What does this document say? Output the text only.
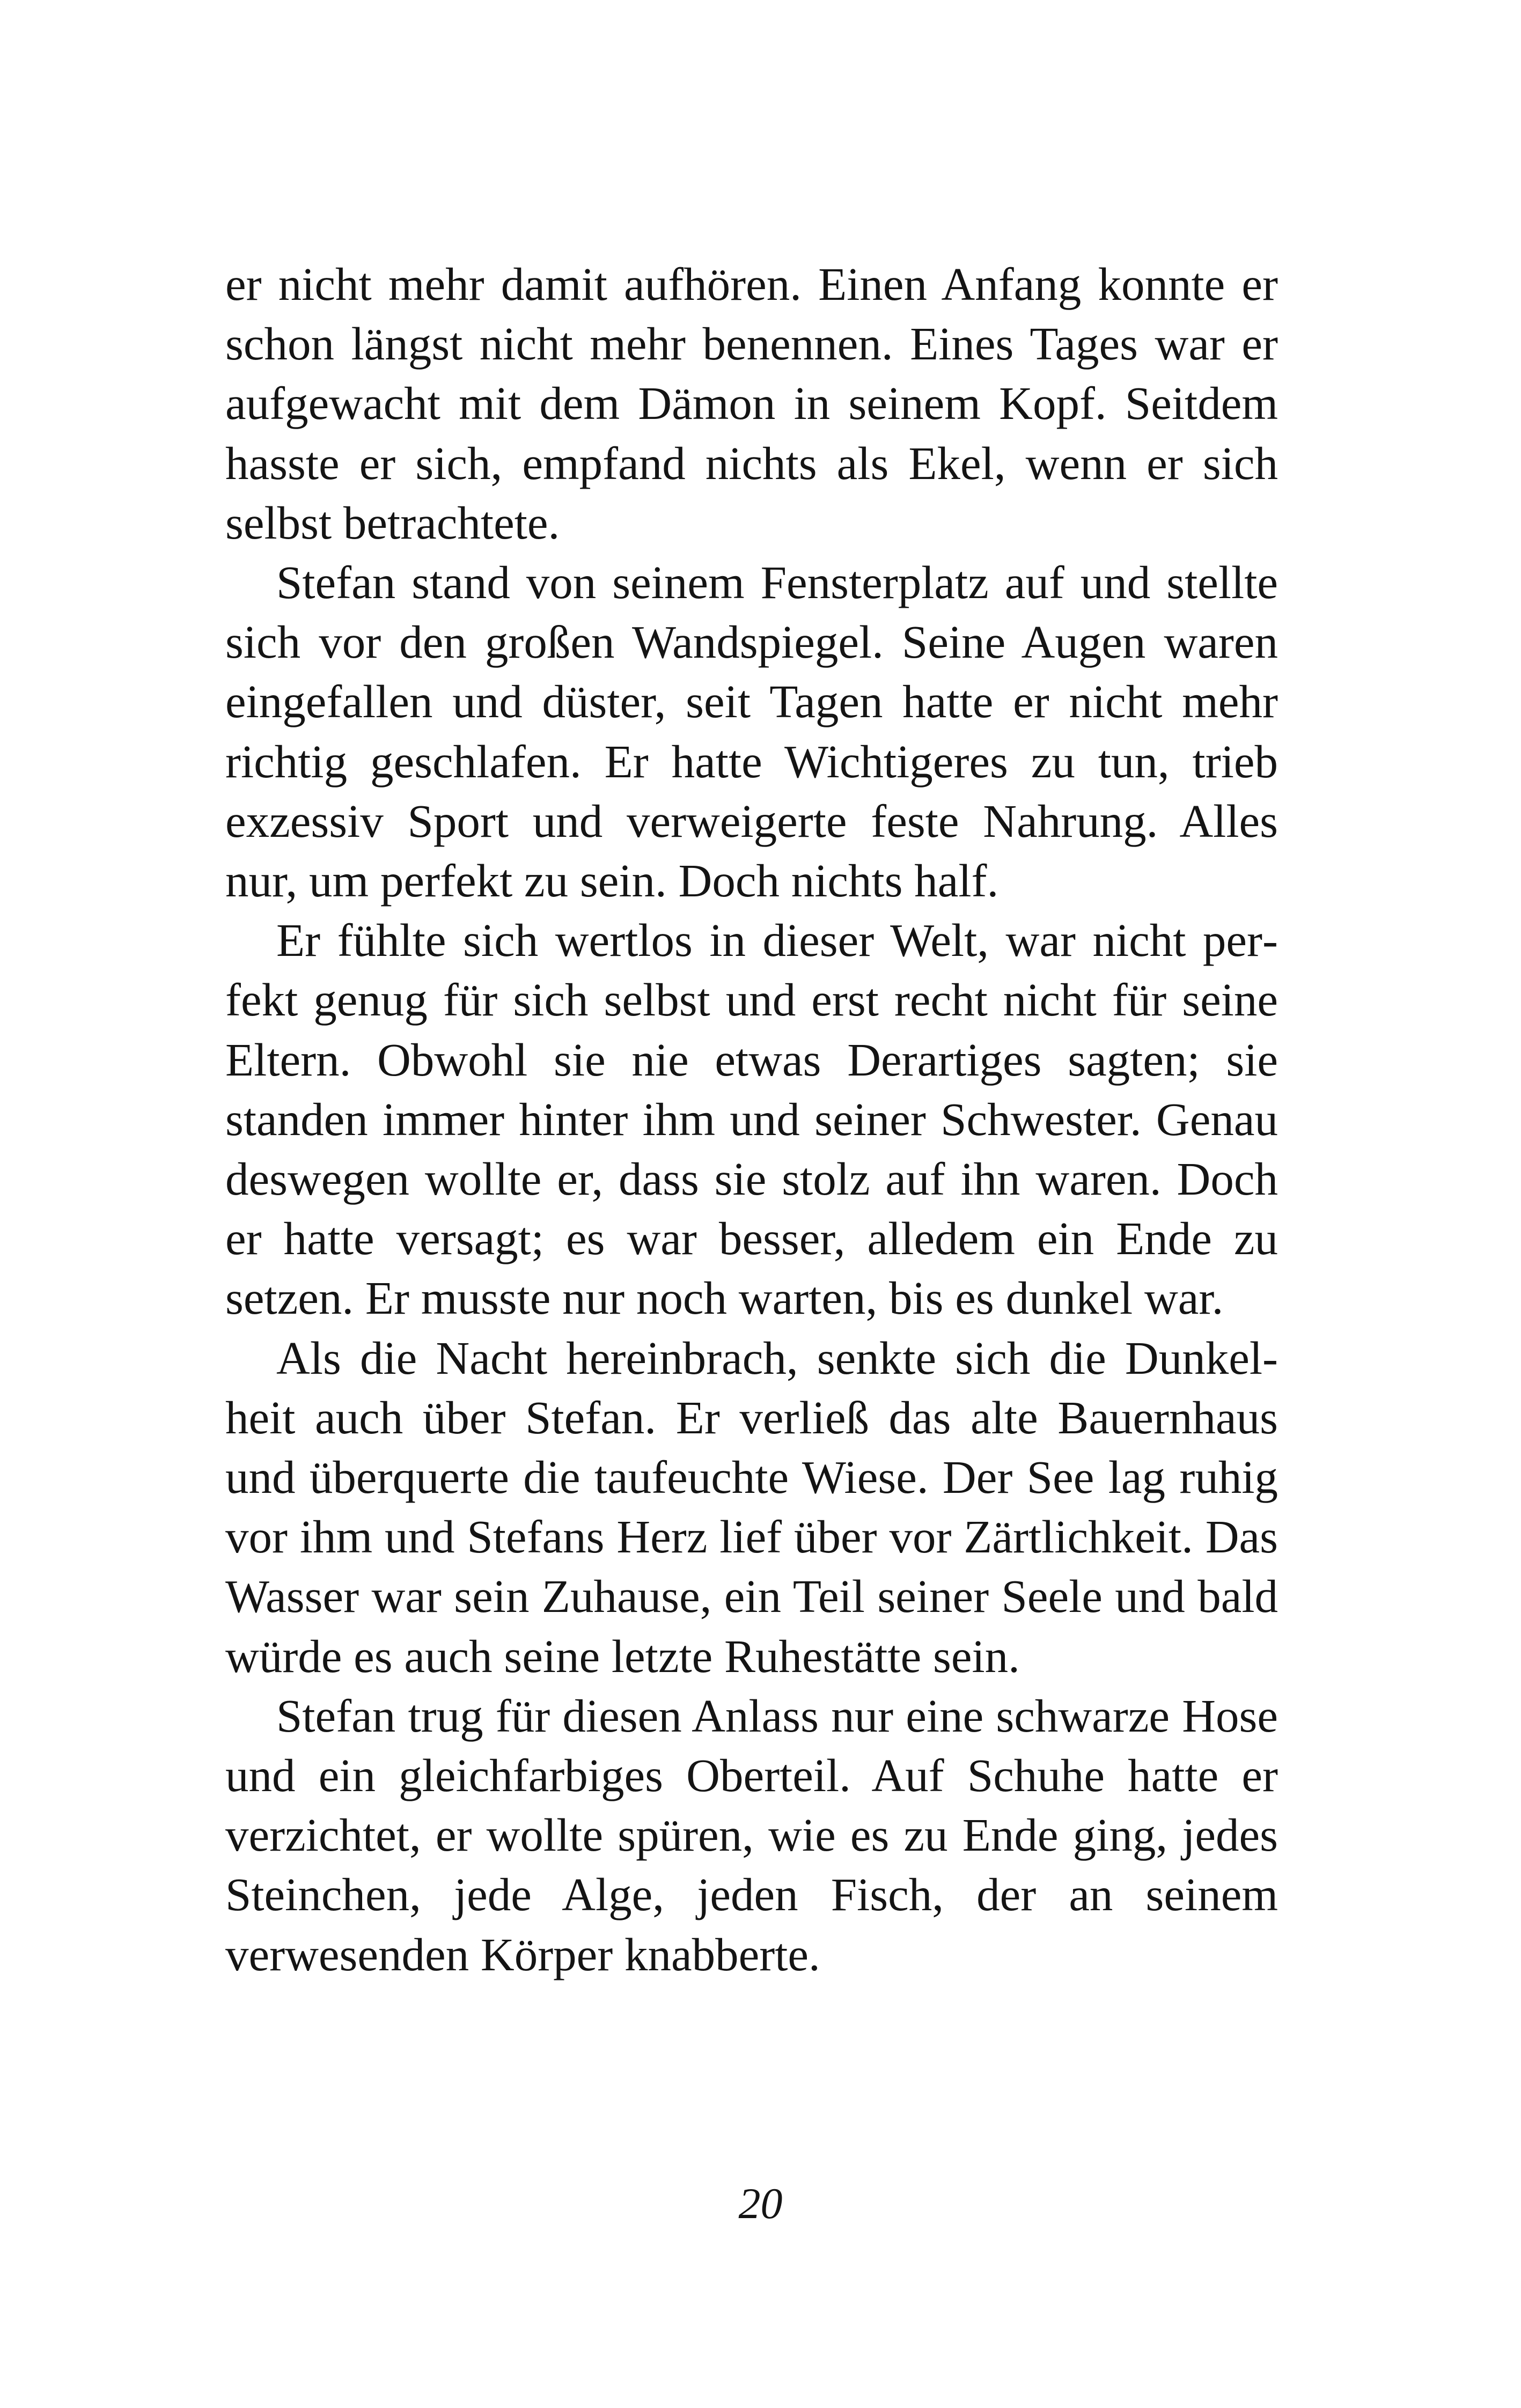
er nicht mehr damit aufhören. Einen Anfang konnte er schon längst nicht mehr benennen. Eines Tages war er aufgewacht mit dem Dämon in seinem Kopf. Seitdem hasste er sich, empfand nichts als Ekel, wenn er sich selbst betrachtete.

Stefan stand von seinem Fensterplatz auf und stellte sich vor den großen Wandspiegel. Seine Augen waren eingefallen und düster, seit Tagen hatte er nicht mehr richtig geschlafen. Er hatte Wichtigeres zu tun, trieb exzessiv Sport und verweigerte feste Nahrung. Alles nur, um perfekt zu sein. Doch nichts half.

Er fühlte sich wertlos in dieser Welt, war nicht perfekt genug für sich selbst und erst recht nicht für seine Eltern. Obwohl sie nie etwas Derartiges sagten; sie standen immer hinter ihm und seiner Schwester. Genau deswegen wollte er, dass sie stolz auf ihn waren. Doch er hatte versagt; es war besser, alledem ein Ende zu setzen. Er musste nur noch warten, bis es dunkel war.

Als die Nacht hereinbrach, senkte sich die Dunkelheit auch über Stefan. Er verließ das alte Bauernhaus und überquerte die taufeuchte Wiese. Der See lag ruhig vor ihm und Stefans Herz lief über vor Zärtlichkeit. Das Wasser war sein Zuhause, ein Teil seiner Seele und bald würde es auch seine letzte Ruhestätte sein.

Stefan trug für diesen Anlass nur eine schwarze Hose und ein gleichfarbiges Oberteil. Auf Schuhe hatte er verzichtet, er wollte spüren, wie es zu Ende ging, jedes Steinchen, jede Alge, jeden Fisch, der an seinem verwesenden Körper knabberte.

20
